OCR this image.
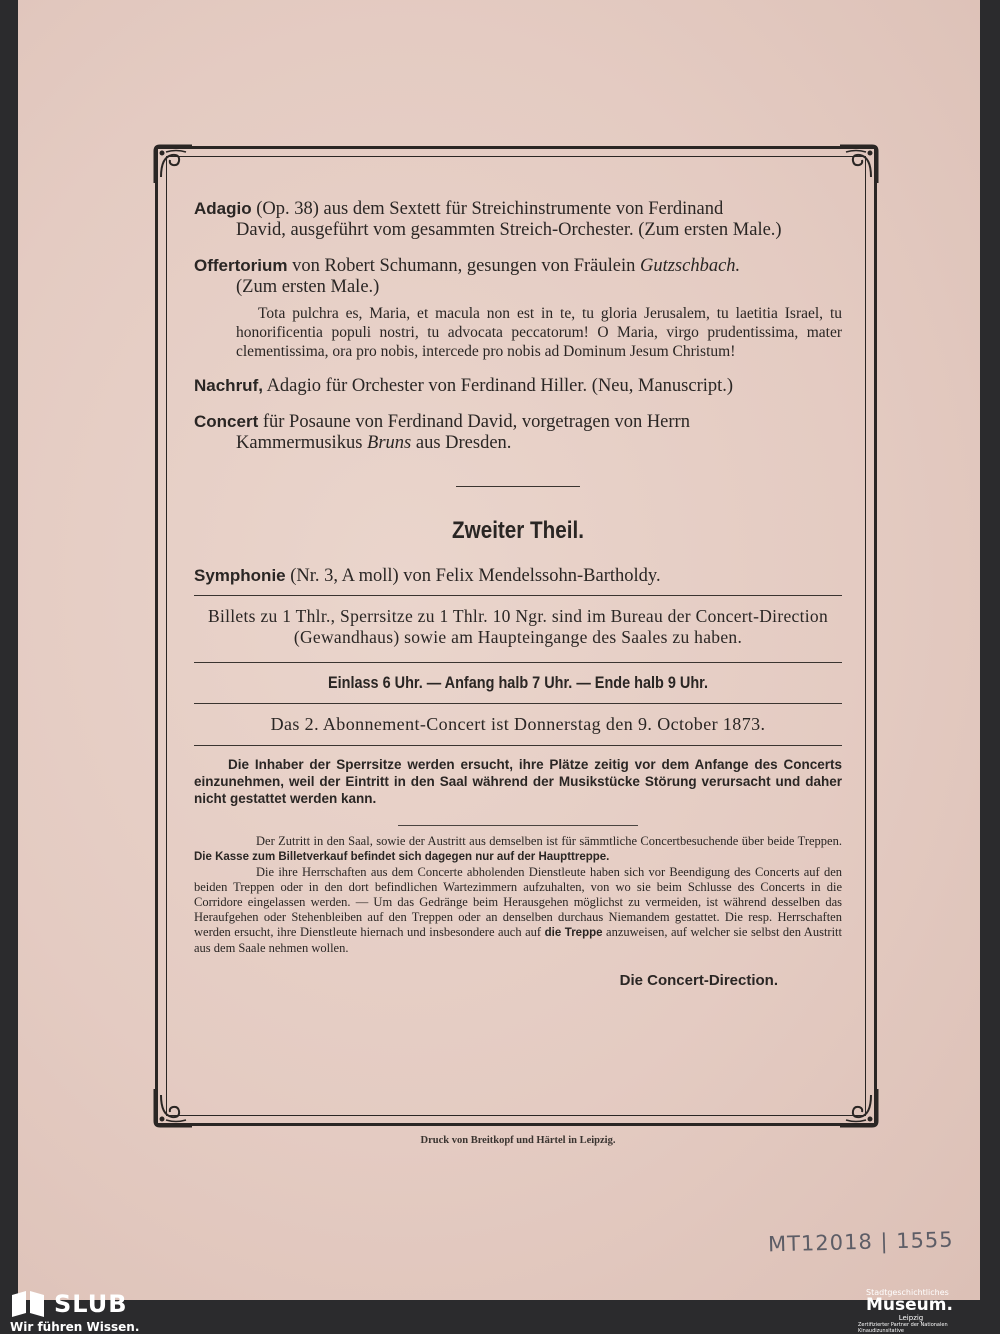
Adagio (Op. 38) aus dem Sextett für Streichinstrumente von Ferdinand
David, ausgeführt vom gesammten Streich-Orchester. (Zum ersten Male.)
Offertorium von Robert Schumann, gesungen von Fräulein Gutzschbach.
(Zum ersten Male.)
Tota pulchra es, Maria, et macula non est in te, tu gloria Jerusalem, tu laetitia Israel, tu honorificentia populi nostri, tu advocata peccatorum! O Maria, virgo prudentissima, mater clementissima, ora pro nobis, intercede pro nobis ad Dominum Jesum Christum!
Nachruf, Adagio für Orchester von Ferdinand Hiller. (Neu, Manuscript.)
Concert für Posaune von Ferdinand David, vorgetragen von Herrn
Kammermusikus Bruns aus Dresden.
Zweiter Theil.
Symphonie (Nr. 3, A moll) von Felix Mendelssohn-Bartholdy.
Billets zu 1 Thlr., Sperrsitze zu 1 Thlr. 10 Ngr. sind im Bureau der Concert-Direction (Gewandhaus) sowie am Haupteingange des Saales zu haben.
Einlass 6 Uhr. — Anfang halb 7 Uhr. — Ende halb 9 Uhr.
Das 2. Abonnement-Concert ist Donnerstag den 9. October 1873.
Die Inhaber der Sperrsitze werden ersucht, ihre Plätze zeitig vor dem Anfange des Concerts einzunehmen, weil der Eintritt in den Saal während der Musikstücke Störung verursacht und daher nicht gestattet werden kann.

Der Zutritt in den Saal, sowie der Austritt aus demselben ist für sämmtliche Concertbesuchende über beide Treppen. Die Kasse zum Billetverkauf befindet sich dagegen nur auf der Haupttreppe.

Die ihre Herrschaften aus dem Concerte abholenden Dienstleute haben sich vor Beendigung des Concerts auf den beiden Treppen oder in den dort befindlichen Wartezimmern aufzuhalten, von wo sie beim Schlusse des Concerts in die Corridore eingelassen werden. — Um das Gedränge beim Herausgehen möglichst zu vermeiden, ist während desselben das Heraufgehen oder Stehenbleiben auf den Treppen oder an denselben durchaus Niemandem gestattet. Die resp. Herrschaften werden ersucht, ihre Dienstleute hiernach und insbesondere auch auf die Treppe anzuweisen, auf welcher sie selbst den Austritt aus dem Saale nehmen wollen.

Die Concert-Direction.
Druck von Breitkopf und Härtel in Leipzig.
MT12018 | 1555
SLUB
Wir führen Wissen.
Stadtgeschichtliches
Museum.
Leipzig
Zertifizierter Partner der Nationalen Kinaudizunsitative
